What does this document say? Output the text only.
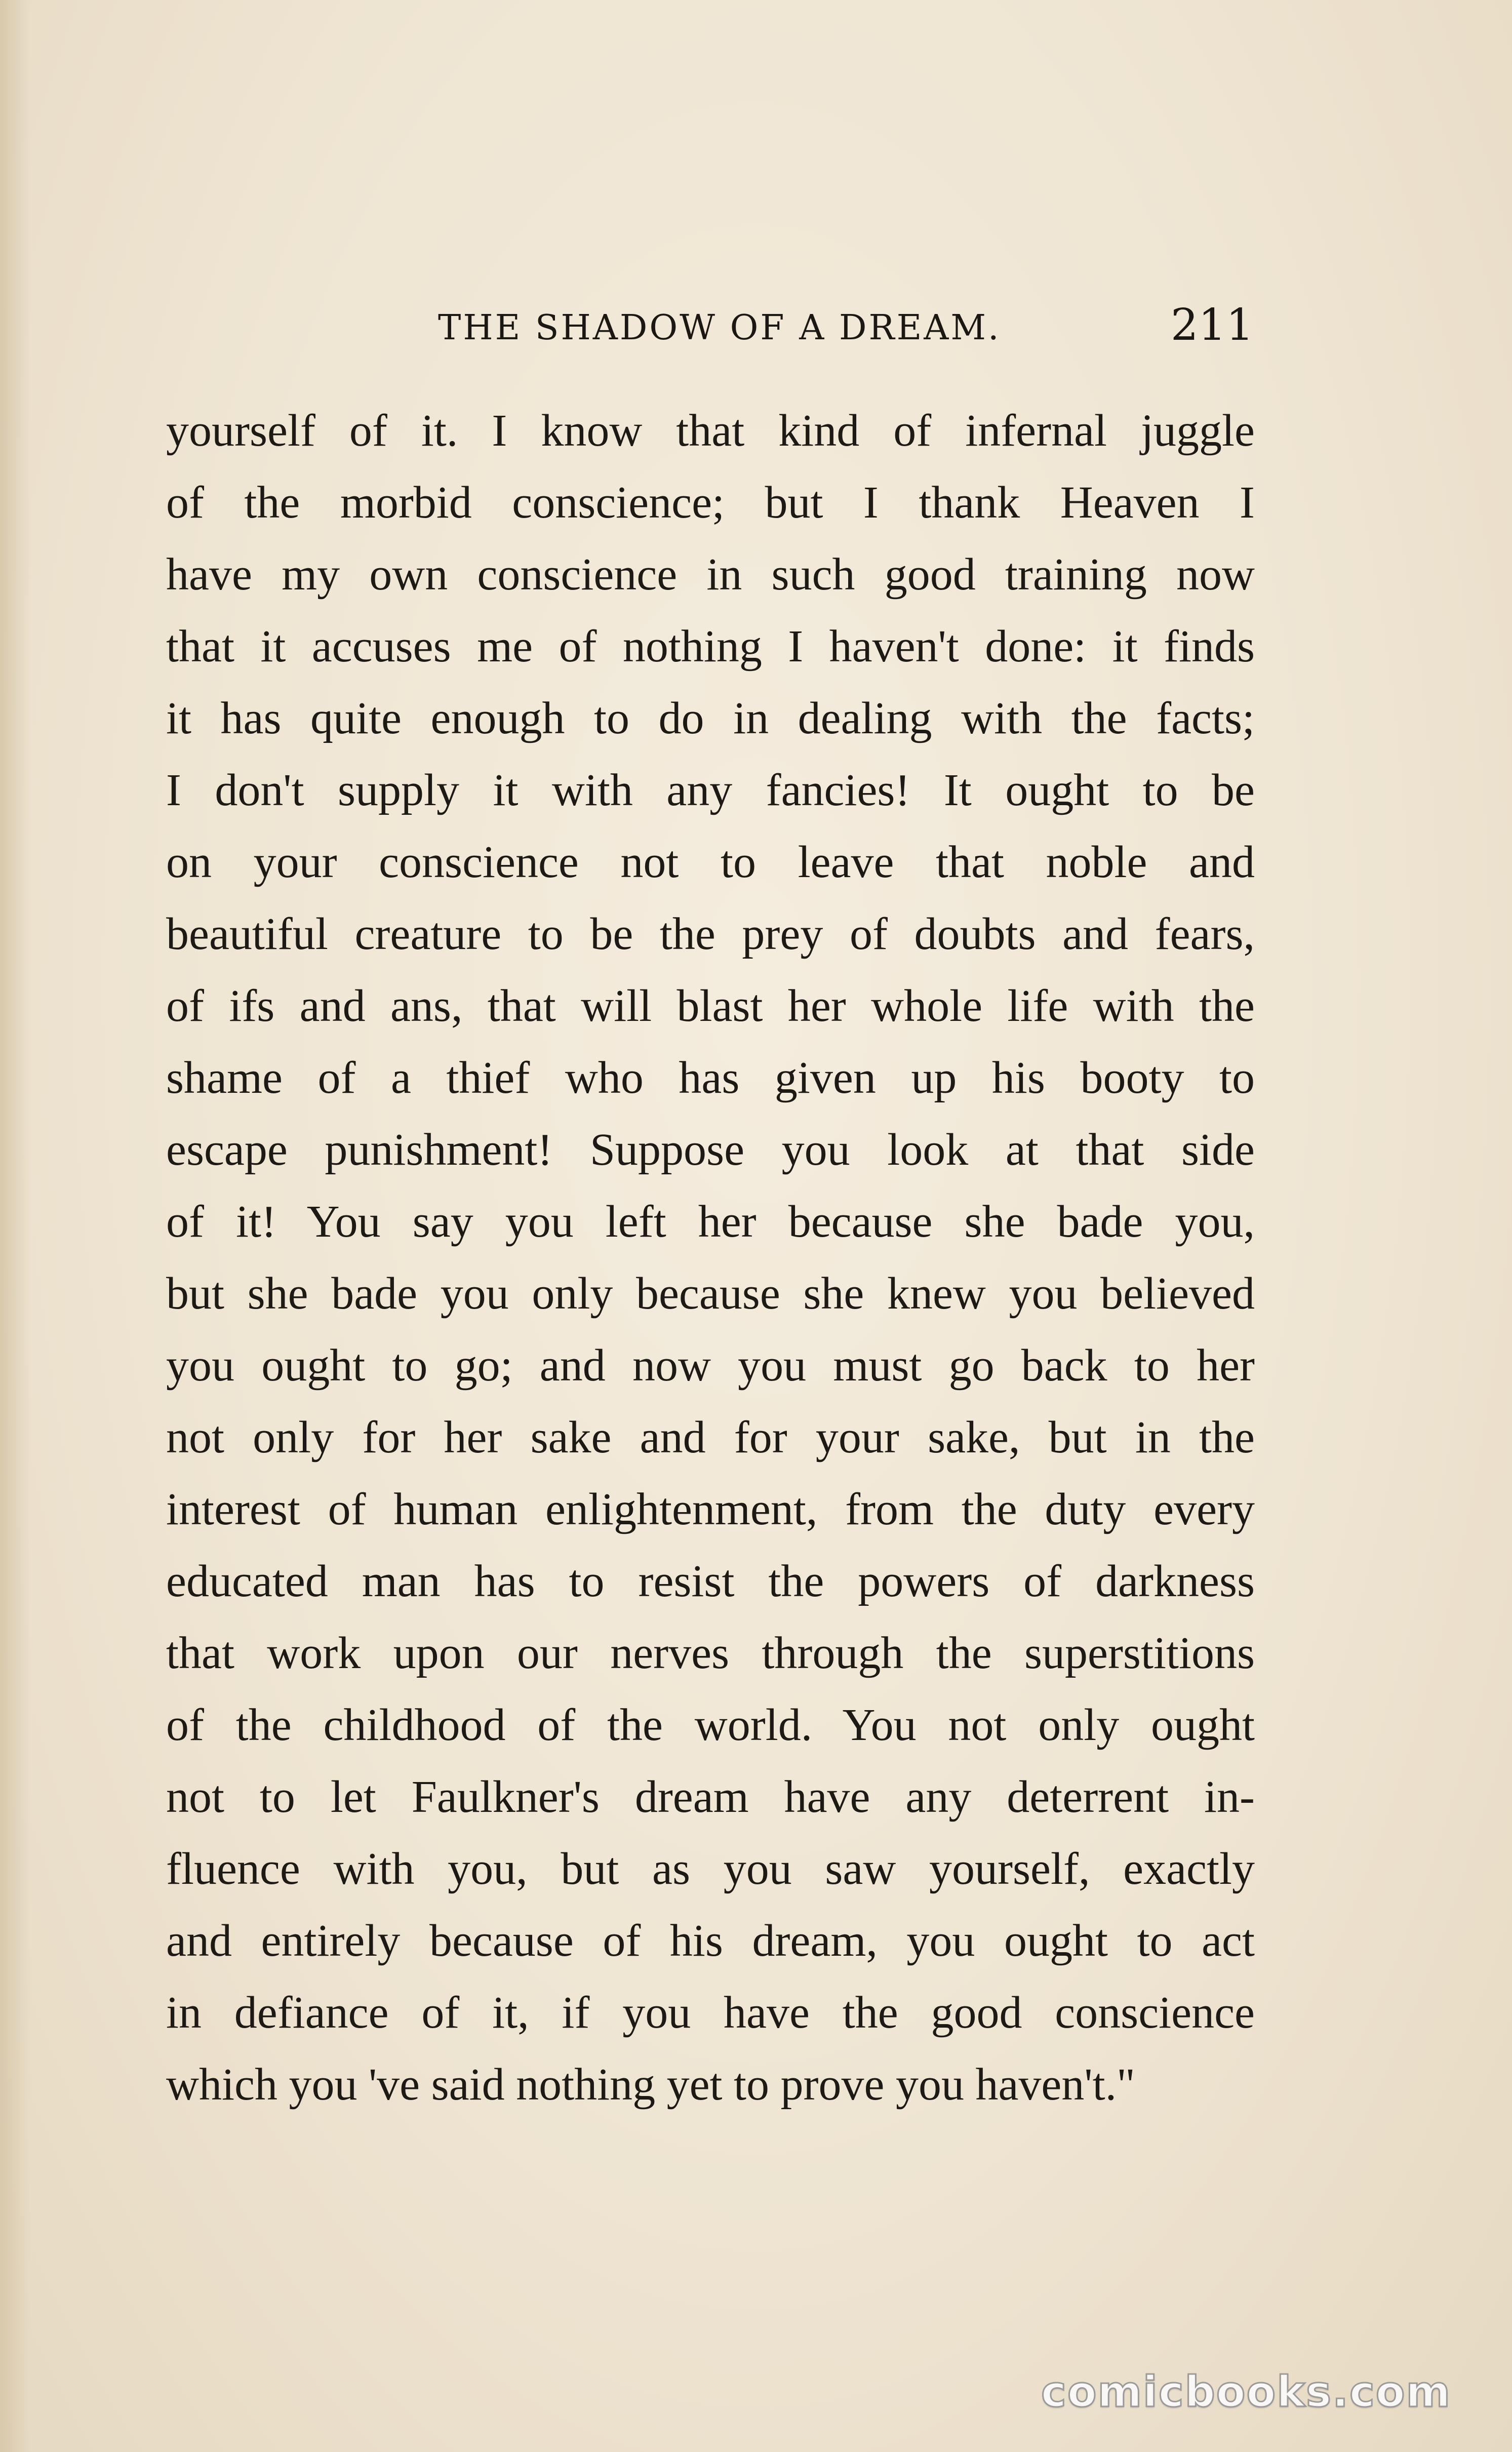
THE SHADOW OF A DREAM.	211
yourself of it. I know that kind of infernal juggle
of the morbid conscience; but I thank Heaven I
have my own conscience in such good training now
that it accuses me of nothing I haven't done: it finds
it has quite enough to do in dealing with the facts;
I don't supply it with any fancies! It ought to be
on your conscience not to leave that noble and
beautiful creature to be the prey of doubts and fears,
of ifs and ans, that will blast her whole life with the
shame of a thief who has given up his booty to
escape punishment! Suppose you look at that side
of it! You say you left her because she bade you,
but she bade you only because she knew you believed
you ought to go; and now you must go back to her
not only for her sake and for your sake, but in the
interest of human enlightenment, from the duty every
educated man has to resist the powers of darkness
that work upon our nerves through the superstitions
of the childhood of the world. You not only ought
not to let Faulkner's dream have any deterrent in-
fluence with you, but as you saw yourself, exactly
and entirely because of his dream, you ought to act
in defiance of it, if you have the good conscience
which you 've said nothing yet to prove you haven't."
comicbooks.com
